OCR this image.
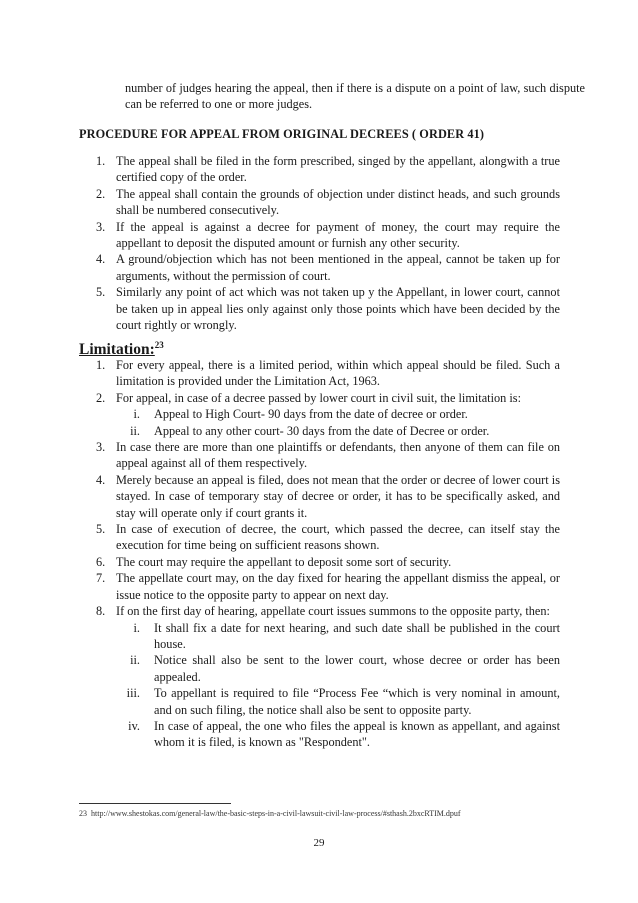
number of judges hearing the appeal, then if there is a dispute on a point of law, such dispute can be referred to one or more judges.
PROCEDURE FOR APPEAL FROM ORIGINAL DECREES ( ORDER 41)
1. The appeal shall be filed in the form prescribed, singed by the appellant, alongwith a true certified copy of the order.
2. The appeal shall contain the grounds of objection under distinct heads, and such grounds shall be numbered consecutively.
3. If the appeal is against a decree for payment of money, the court may require the appellant to deposit the disputed amount or furnish any other security.
4. A ground/objection which has not been mentioned in the appeal, cannot be taken up for arguments, without the permission of court.
5. Similarly any point of act which was not taken up y the Appellant, in lower court, cannot be taken up in appeal lies only against only those points which have been decided by the court rightly or wrongly.
Limitation:$^{23}$
1. For every appeal, there is a limited period, within which appeal should be filed. Such a limitation is provided under the Limitation Act, 1963.
2. For appeal, in case of a decree passed by lower court in civil suit, the limitation is:
i. Appeal to High Court- 90 days from the date of decree or order.
ii. Appeal to any other court- 30 days from the date of Decree or order.
3. In case there are more than one plaintiffs or defendants, then anyone of them can file on appeal against all of them respectively.
4. Merely because an appeal is filed, does not mean that the order or decree of lower court is stayed. In case of temporary stay of decree or order, it has to be specifically asked, and stay will operate only if court grants it.
5. In case of execution of decree, the court, which passed the decree, can itself stay the execution for time being on sufficient reasons shown.
6. The court may require the appellant to deposit some sort of security.
7. The appellate court may, on the day fixed for hearing the appellant dismiss the appeal, or issue notice to the opposite party to appear on next day.
8. If on the first day of hearing, appellate court issues summons to the opposite party, then:
i. It shall fix a date for next hearing, and such date shall be published in the court house.
ii. Notice shall also be sent to the lower court, whose decree or order has been appealed.
iii. To appellant is required to file “Process Fee “which is very nominal in amount, and on such filing, the notice shall also be sent to opposite party.
iv. In case of appeal, the one who files the appeal is known as appellant, and against whom it is filed, is known as "Respondent".
23 http://www.shestokas.com/general-law/the-basic-steps-in-a-civil-lawsuit-civil-law-process/#sthash.2bxcRTIM.dpuf
29
